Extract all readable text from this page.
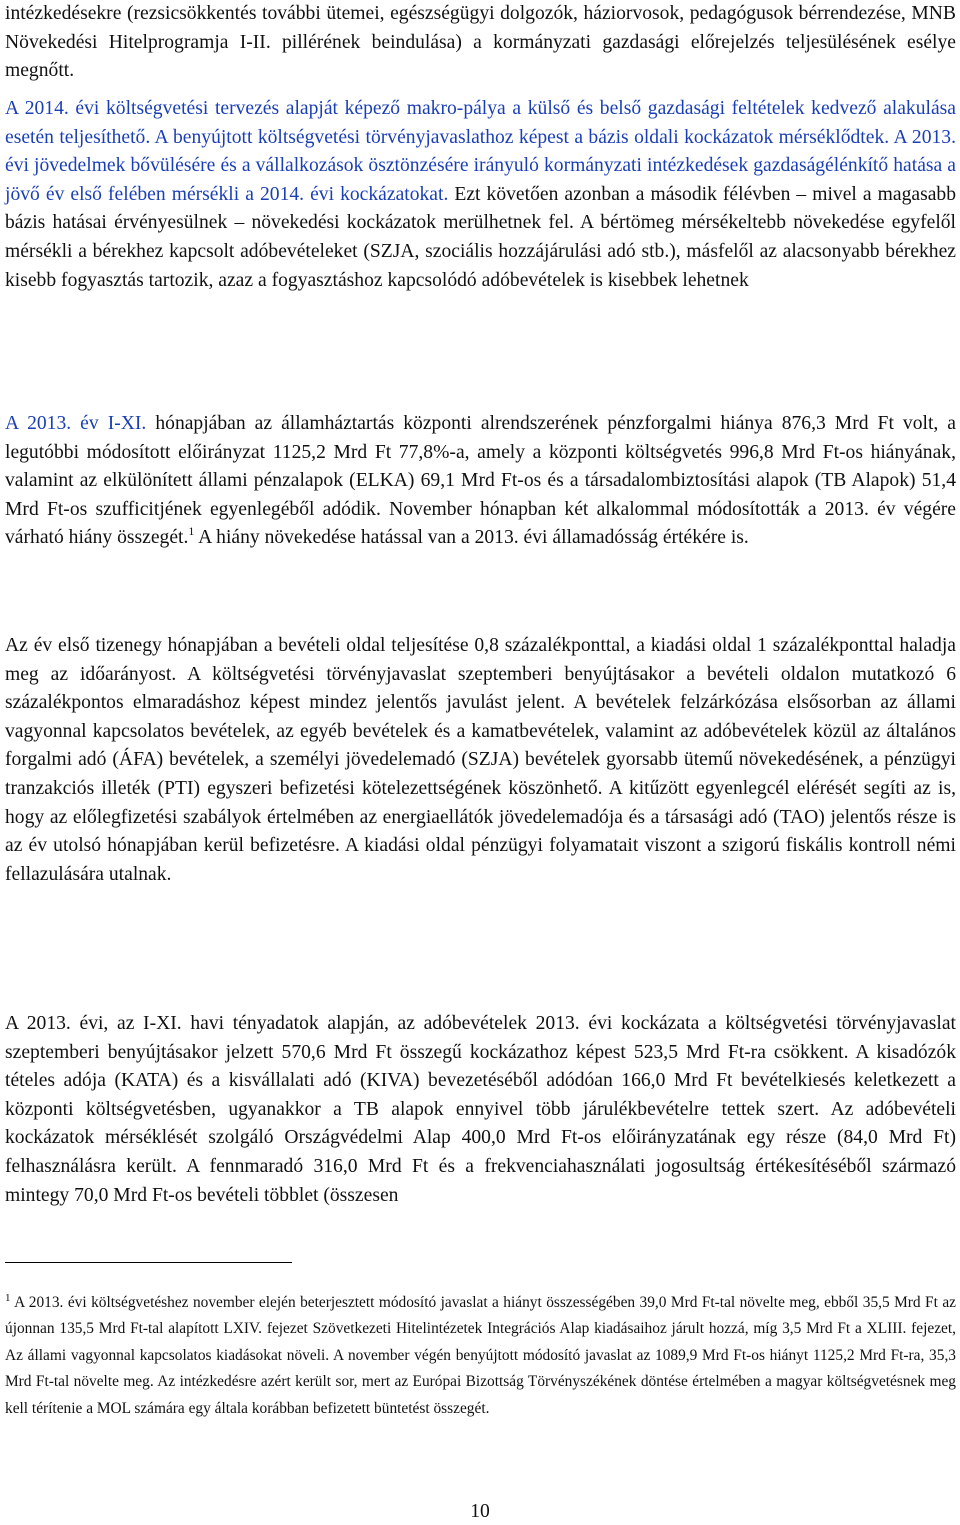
intézkedésekre (rezsicsökkentés további ütemei, egészségügyi dolgozók, háziorvosok, pedagógusok bérrendezése, MNB Növekedési Hitelprogramja I-II. pillérének beindulása) a kormányzati gazdasági előrejelzés teljesülésének esélye megnőtt.

A 2014. évi költségvetési tervezés alapját képező makro-pálya a külső és belső gazdasági feltételek kedvező alakulása esetén teljesíthető. A benyújtott költségvetési törvényjavaslathoz képest a bázis oldali kockázatok mérséklődtek. A 2013. évi jövedelmek bővülésére és a vállalkozások ösztönzésére irányuló kormányzati intézkedések gazdaságélénkítő hatása a jövő év első felében mérsékli a 2014. évi kockázatokat. Ezt követően azonban a második félévben – mivel a magasabb bázis hatásai érvényesülnek – növekedési kockázatok merülhetnek fel. A bértömeg mérsékeltebb növekedése egyfelől mérsékli a bérekhez kapcsolt adóbevételeket (SZJA, szociális hozzájárulási adó stb.), másfelől az alacsonyabb bérekhez kisebb fogyasztás tartozik, azaz a fogyasztáshoz kapcsolódó adóbevételek is kisebbek lehetnek

A 2013. év I-XI. hónapjában az államháztartás központi alrendszerének pénzforgalmi hiánya 876,3 Mrd Ft volt, a legutóbbi módosított előirányzat 1125,2 Mrd Ft 77,8%-a, amely a központi költségvetés 996,8 Mrd Ft-os hiányának, valamint az elkülönített állami pénzalapok (ELKA) 69,1 Mrd Ft-os és a társadalombiztosítási alapok (TB Alapok) 51,4 Mrd Ft-os szufficitjének egyenlegéből adódik. November hónapban két alkalommal módosították a 2013. év végére várható hiány összegét.$^1$ A hiány növekedése hatással van a 2013. évi államadósság értékére is.

Az év első tizenegy hónapjában a bevételi oldal teljesítése 0,8 százalékponttal, a kiadási oldal 1 százalékponttal haladja meg az időarányost. A költségvetési törvényjavaslat szeptemberi benyújtásakor a bevételi oldalon mutatkozó 6 százalékpontos elmaradáshoz képest mindez jelentős javulást jelent. A bevételek felzárkózása elsősorban az állami vagyonnal kapcsolatos bevételek, az egyéb bevételek és a kamatbevételek, valamint az adóbevételek közül az általános forgalmi adó (ÁFA) bevételek, a személyi jövedelemadó (SZJA) bevételek gyorsabb ütemű növekedésének, a pénzügyi tranzakciós illeték (PTI) egyszeri befizetési kötelezettségének köszönhető. A kitűzött egyenlegcél elérését segíti az is, hogy az előlegfizetési szabályok értelmében az energiaellátók jövedelemadója és a társasági adó (TAO) jelentős része is az év utolsó hónapjában kerül befizetésre. A kiadási oldal pénzügyi folyamatait viszont a szigorú fiskális kontroll némi fellazulására utalnak.

A 2013. évi, az I-XI. havi tényadatok alapján, az adóbevételek 2013. évi kockázata a költségvetési törvényjavaslat szeptemberi benyújtásakor jelzett 570,6 Mrd Ft összegű kockázathoz képest 523,5 Mrd Ft-ra csökkent. A kisadózók tételes adója (KATA) és a kisvállalati adó (KIVA) bevezetéséből adódóan 166,0 Mrd Ft bevételkiesés keletkezett a központi költségvetésben, ugyanakkor a TB alapok ennyivel több járulékbevételre tettek szert. Az adóbevételi kockázatok mérséklését szolgáló Országvédelmi Alap 400,0 Mrd Ft-os előirányzatának egy része (84,0 Mrd Ft) felhasználásra került. A fennmaradó 316,0 Mrd Ft és a frekvenciahasználati jogosultság értékesítéséből származó mintegy 70,0 Mrd Ft-os bevételi többlet (összesen

$^1$ A 2013. évi költségvetéshez november elején beterjesztett módosító javaslat a hiányt összességében 39,0 Mrd Ft-tal növelte meg, ebből 35,5 Mrd Ft az újonnan 135,5 Mrd Ft-tal alapított LXIV. fejezet Szövetkezeti Hitelintézetek Integrációs Alap kiadásaihoz járult hozzá, míg 3,5 Mrd Ft a XLIII. fejezet, Az állami vagyonnal kapcsolatos kiadásokat növeli. A november végén benyújtott módosító javaslat az 1089,9 Mrd Ft-os hiányt 1125,2 Mrd Ft-ra, 35,3 Mrd Ft-tal növelte meg. Az intézkedésre azért került sor, mert az Európai Bizottság Törvényszékének döntése értelmében a magyar költségvetésnek meg kell térítenie a MOL számára egy általa korábban befizetett büntetést összegét.

10
